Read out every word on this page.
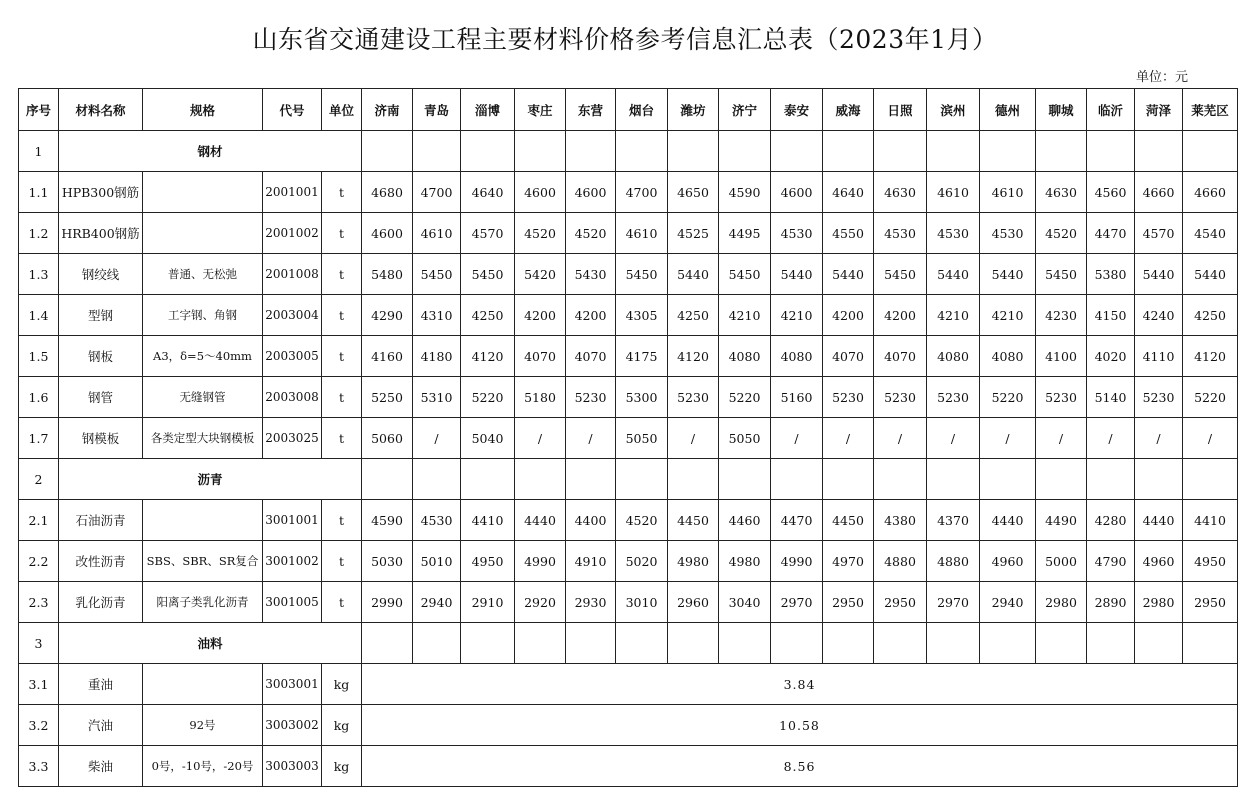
山东省交通建设工程主要材料价格参考信息汇总表（2023年1月）
单位：元
序号	材料名称	规格	代号	单位	济南	青岛	淄博	枣庄	东营	烟台	潍坊	济宁	泰安	威海	日照	滨州	德州	聊城	临沂	菏泽	莱芜区
1	钢材																				
1.1	HPB300钢筋		2001001	t	4680	4700	4640	4600	4600	4700	4650	4590	4600	4640	4630	4610	4610	4630	4560	4660	4660
1.2	HRB400钢筋		2001002	t	4600	4610	4570	4520	4520	4610	4525	4495	4530	4550	4530	4530	4530	4520	4470	4570	4540
1.3	钢绞线	普通、无松弛	2001008	t	5480	5450	5450	5420	5430	5450	5440	5450	5440	5440	5450	5440	5440	5450	5380	5440	5440
1.4	型钢	工字钢、角钢	2003004	t	4290	4310	4250	4200	4200	4305	4250	4210	4210	4200	4200	4210	4210	4230	4150	4240	4250
1.5	钢板	A3，δ=5～40mm	2003005	t	4160	4180	4120	4070	4070	4175	4120	4080	4080	4070	4070	4080	4080	4100	4020	4110	4120
1.6	钢管	无缝钢管	2003008	t	5250	5310	5220	5180	5230	5300	5230	5220	5160	5230	5230	5230	5220	5230	5140	5230	5220
1.7	钢模板	各类定型大块钢模板	2003025	t	5060	/	5040	/	/	5050	/	5050	/	/	/	/	/	/	/	/	/
2	沥青																				
2.1	石油沥青		3001001	t	4590	4530	4410	4440	4400	4520	4450	4460	4470	4450	4380	4370	4440	4490	4280	4440	4410
2.2	改性沥青	SBS、SBR、SR复合	3001002	t	5030	5010	4950	4990	4910	5020	4980	4980	4990	4970	4880	4880	4960	5000	4790	4960	4950
2.3	乳化沥青	阳离子类乳化沥青	3001005	t	2990	2940	2910	2920	2930	3010	2960	3040	2970	2950	2950	2970	2940	2980	2890	2980	2950
3	油料																				
3.1	重油		3003001	kg	3.84																
3.2	汽油	92号	3003002	kg	10.58																
3.3	柴油	0号，-10号，-20号	3003003	kg	8.56																
